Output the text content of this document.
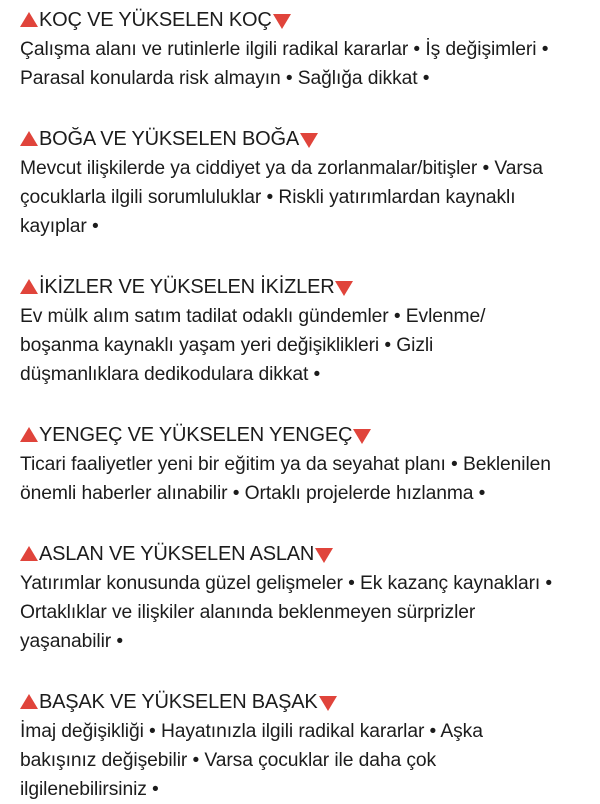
KOÇ VE YÜKSELEN KOÇ

Çalışma alanı ve rutinlerle ilgili radikal kararlar • İş değişimleri •
Parasal konularda risk almayın • Sağlığa dikkat •

BOĞA VE YÜKSELEN BOĞA

Mevcut ilişkilerde ya ciddiyet ya da zorlanmalar/bitişler • Varsa
çocuklarla ilgili sorumluluklar • Riskli yatırımlardan kaynaklı
kayıplar •

İKİZLER VE YÜKSELEN İKİZLER

Ev mülk alım satım tadilat odaklı gündemler • Evlenme/
boşanma kaynaklı yaşam yeri değişiklikleri • Gizli
düşmanlıklara dedikodulara dikkat •

YENGEÇ VE YÜKSELEN YENGEÇ

Ticari faaliyetler yeni bir eğitim ya da seyahat planı • Beklenilen
önemli haberler alınabilir • Ortaklı projelerde hızlanma •

ASLAN VE YÜKSELEN ASLAN

Yatırımlar konusunda güzel gelişmeler • Ek kazanç kaynakları •
Ortaklıklar ve ilişkiler alanında beklenmeyen sürprizler
yaşanabilir •

BAŞAK VE YÜKSELEN BAŞAK

İmaj değişikliği • Hayatınızla ilgili radikal kararlar • Aşka
bakışınız değişebilir • Varsa çocuklar ile daha çok
ilgilenebilirsiniz •
